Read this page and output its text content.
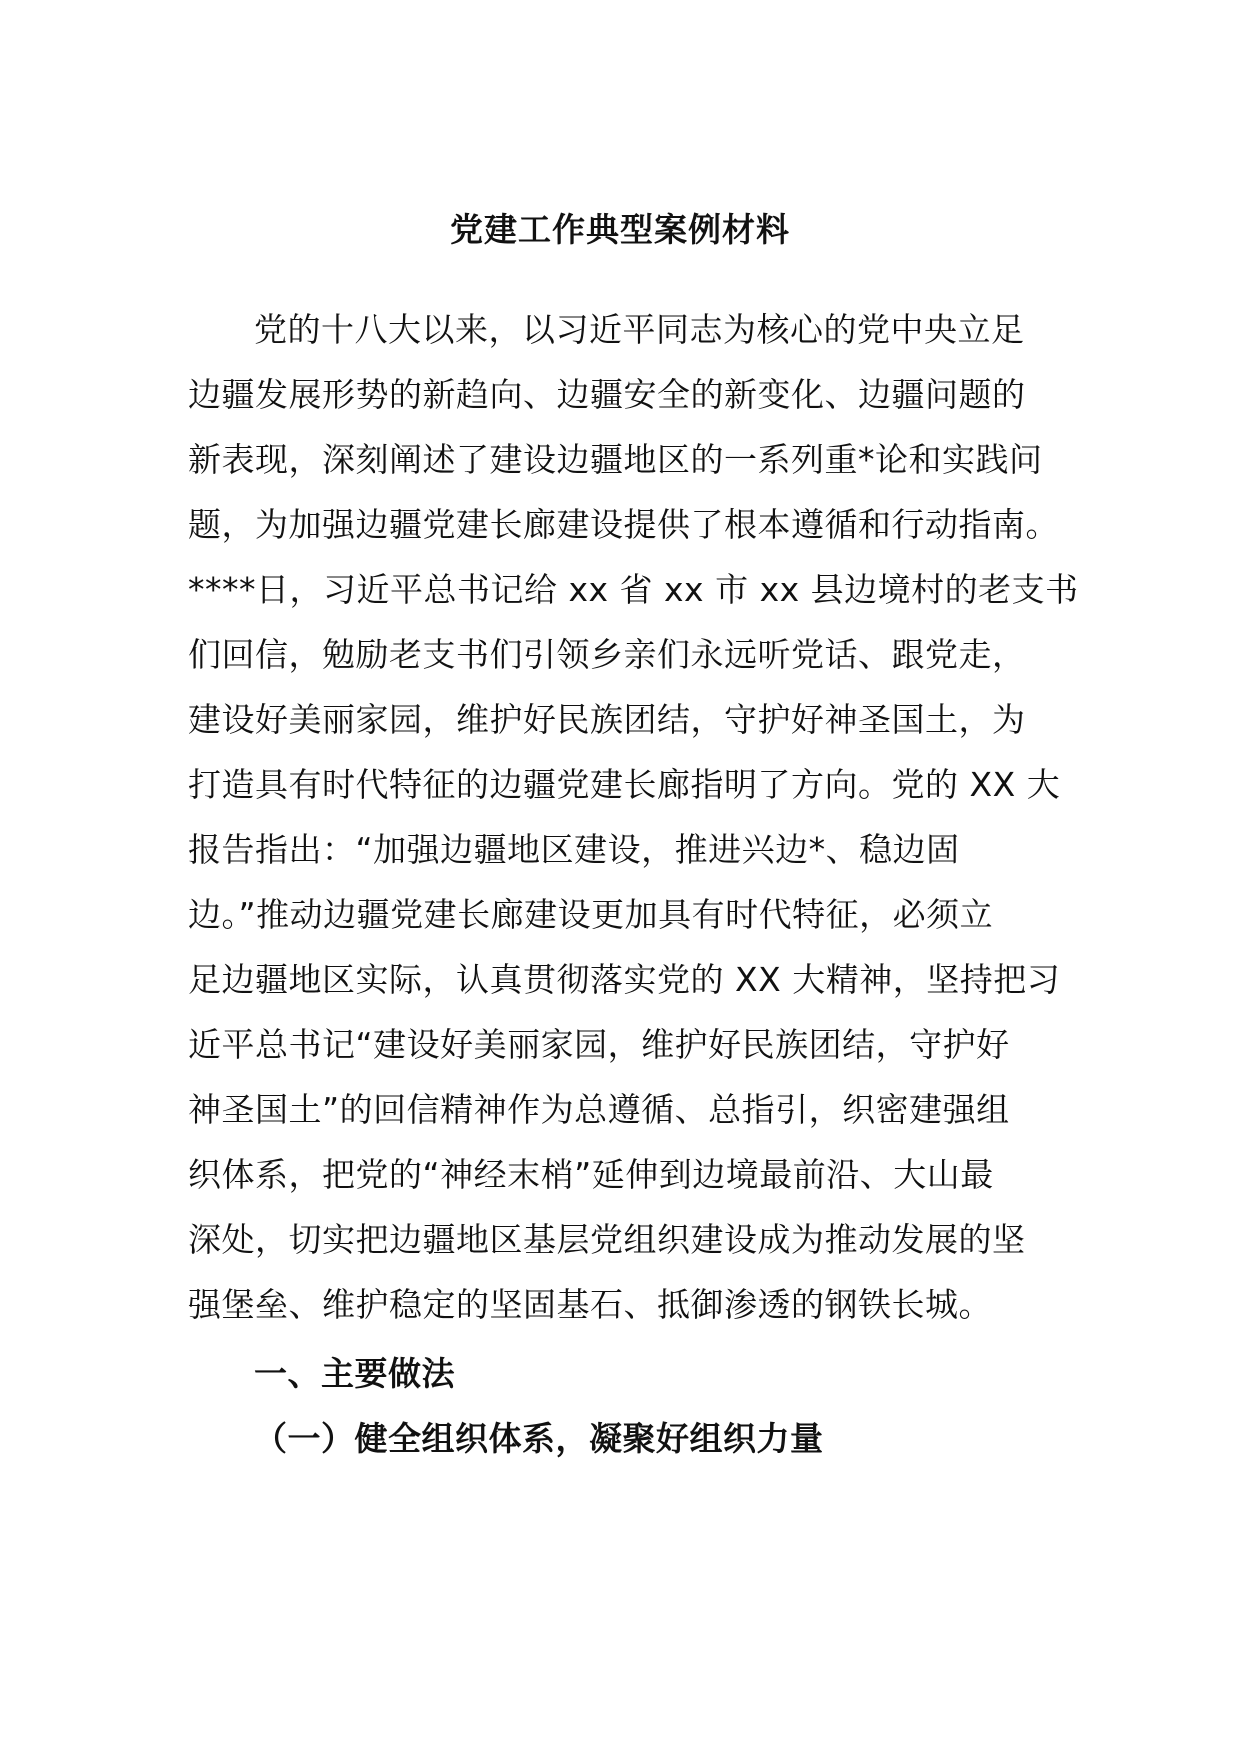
党建工作典型案例材料
党的十八大以来，以习近平同志为核心的党中央立足
边疆发展形势的新趋向、边疆安全的新变化、边疆问题的
新表现，深刻阐述了建设边疆地区的一系列重*论和实践问
题，为加强边疆党建长廊建设提供了根本遵循和行动指南。
****日，习近平总书记给 xx 省 xx 市 xx 县边境村的老支书
们回信，勉励老支书们引领乡亲们永远听党话、跟党走，
建设好美丽家园，维护好民族团结，守护好神圣国土，为
打造具有时代特征的边疆党建长廊指明了方向。党的 XX 大
报告指出：“加强边疆地区建设，推进兴边*、稳边固
边。”推动边疆党建长廊建设更加具有时代特征，必须立
足边疆地区实际，认真贯彻落实党的 XX 大精神，坚持把习
近平总书记“建设好美丽家园，维护好民族团结，守护好
神圣国土”的回信精神作为总遵循、总指引，织密建强组
织体系，把党的“神经末梢”延伸到边境最前沿、大山最
深处，切实把边疆地区基层党组织建设成为推动发展的坚
强堡垒、维护稳定的坚固基石、抵御渗透的钢铁长城。
一、主要做法
（一）健全组织体系，凝聚好组织力量
